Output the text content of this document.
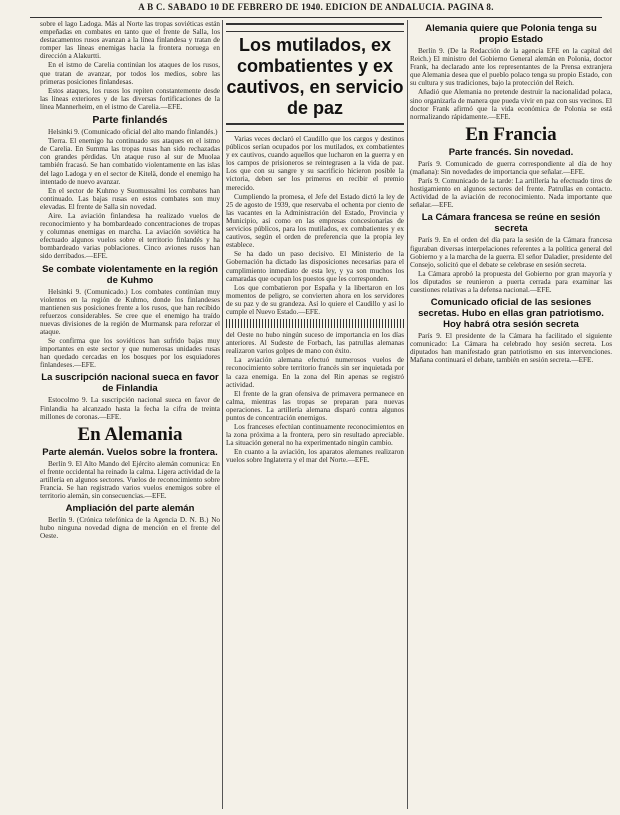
A B C. SABADO 10 DE FEBRERO DE 1940. EDICION DE ANDALUCIA. PAGINA 8.

sobre el lago Ladoga. Más al Norte las tropas soviéticas están empeñadas en combates en tanto que el frente de Salla, los destacamentos rusos avanzan a la línea finlandesa y tratan de romper las líneas enemigas hacia la frontera noruega en dirección a Alakurtti.

En el istmo de Carelia continúan los ataques de los rusos, que tratan de avanzar, por todos los medios, sobre las primeras posiciones finlandesas.

Estos ataques, los rusos los repiten constantemente desde las líneas exteriores y de las diversas fortificaciones de la línea Mannerheim, en el istmo de Carelia.—EFE.

Parte finlandés

Helsinki 9. (Comunicado oficial del alto mando finlandés.)

Tierra. El enemigo ha continuado sus ataques en el istmo de Carelia. En Summa las tropas rusas han sido rechazadas con grandes pérdidas. Un ataque ruso al sur de Muolaa también fracasó. Se han combatido violentamente en las islas del lago Ladoga y en el sector de Kitelä, donde el enemigo ha intentado de nuevo avanzar.

En el sector de Kuhmo y Suomussalmi los combates han continuado. Las bajas rusas en estos combates son muy elevadas. El frente de Salla sin novedad.

Aire. La aviación finlandesa ha realizado vuelos de reconocimiento y ha bombardeado concentraciones de tropas y columnas enemigas en marcha. La aviación soviética ha efectuado algunos vuelos sobre el territorio finlandés y ha bombardeado varias poblaciones. Cinco aviones rusos han sido derribados.—EFE.

Se combate violentamente en la región de Kuhmo

Helsinki 9. (Comunicado.) Los combates continúan muy violentos en la región de Kuhmo, donde los finlandeses mantienen sus posiciones frente a los rusos, que han recibido refuerzos considerables. Se cree que el enemigo ha traído nuevas divisiones de la región de Murmansk para reforzar el ataque.

Se confirma que los soviéticos han sufrido bajas muy importantes en este sector y que numerosas unidades rusas han quedado cercadas en los bosques por los esquiadores finlandeses.—EFE.

La suscripción nacional sueca en favor de Finlandia

Estocolmo 9. La suscripción nacional sueca en favor de Finlandia ha alcanzado hasta la fecha la cifra de treinta millones de coronas.—EFE.

En Alemania
Parte alemán. Vuelos sobre la frontera.

Berlín 9. El Alto Mando del Ejército alemán comunica: En el frente occidental ha reinado la calma. Ligera actividad de la artillería en algunos sectores. Vuelos de reconocimiento sobre Francia. Se han registrado varios vuelos enemigos sobre el territorio alemán, sin consecuencias.—EFE.

Ampliación del parte alemán

Berlín 9. (Crónica telefónica de la Agencia D. N. B.) No hubo ninguna novedad digna de mención en el frente del Oeste.

Los mutilados, ex combatientes y ex cautivos, en servicio de paz

Varias veces declaró el Caudillo que los cargos y destinos públicos serían ocupados por los mutilados, ex combatientes y ex cautivos, cuando aquellos que lucharon en la guerra y en los campos de prisioneros se reintegrasen a la vida de paz. Los que con su sangre y su sacrificio hicieron posible la victoria, deben ser los primeros en recibir el premio merecido.

Cumpliendo la promesa, el Jefe del Estado dictó la ley de 25 de agosto de 1939, que reservaba el ochenta por ciento de las vacantes en la Administración del Estado, Provincia y Municipio, así como en las empresas concesionarias de servicios públicos, para los mutilados, ex combatientes y ex cautivos, según el orden de preferencia que la propia ley establece.

Se ha dado un paso decisivo. El Ministerio de la Gobernación ha dictado las disposiciones necesarias para el cumplimiento inmediato de esta ley, y ya son muchos los camaradas que ocupan los puestos que les corresponden.

Los que combatieron por España y la libertaron en los momentos de peligro, se convierten ahora en los servidores de su paz y de su grandeza. Así lo quiere el Caudillo y así lo cumple el Nuevo Estado.—EFE.

del Oeste no hubo ningún suceso de importancia en los días anteriores. Al Sudeste de Forbach, las patrullas alemanas realizaron varios golpes de mano con éxito.

La aviación alemana efectuó numerosos vuelos de reconocimiento sobre territorio francés sin ser inquietada por la caza enemiga. En la zona del Rin apenas se registró actividad.

El frente de la gran ofensiva de primavera permanece en calma, mientras las tropas se preparan para nuevas operaciones. La artillería alemana disparó contra algunos puntos de concentración enemigos.

Los franceses efectúan continuamente reconocimientos en la zona próxima a la frontera, pero sin resultado apreciable. La situación general no ha experimentado ningún cambio.

En cuanto a la aviación, los aparatos alemanes realizaron vuelos sobre Inglaterra y el mar del Norte.—EFE.

Alemania quiere que Polonia tenga su propio Estado

Berlín 9. (De la Redacción de la agencia EFE en la capital del Reich.) El ministro del Gobierno General alemán en Polonia, doctor Frank, ha declarado ante los representantes de la Prensa extranjera que Alemania desea que el pueblo polaco tenga su propio Estado, con su cultura y sus tradiciones, bajo la protección del Reich.

Añadió que Alemania no pretende destruir la nacionalidad polaca, sino organizarla de manera que pueda vivir en paz con sus vecinos. El doctor Frank afirmó que la vida económica de Polonia se está normalizando rápidamente.—EFE.

En Francia
Parte francés. Sin novedad.

París 9. Comunicado de guerra correspondiente al día de hoy (mañana): Sin novedades de importancia que señalar.—EFE.

París 9. Comunicado de la tarde: La artillería ha efectuado tiros de hostigamiento en algunos sectores del frente. Patrullas en contacto. Actividad de la aviación de reconocimiento. Nada importante que señalar.—EFE.

La Cámara francesa se reúne en sesión secreta

París 9. En el orden del día para la sesión de la Cámara francesa figuraban diversas interpelaciones referentes a la política general del Gobierno y a la marcha de la guerra. El señor Daladier, presidente del Consejo, solicitó que el debate se celebrase en sesión secreta.

La Cámara aprobó la propuesta del Gobierno por gran mayoría y los diputados se reunieron a puerta cerrada para examinar las cuestiones relativas a la defensa nacional.—EFE.

Comunicado oficial de las sesiones secretas. Hubo en ellas gran patriotismo. Hoy habrá otra sesión secreta

París 9. El presidente de la Cámara ha facilitado el siguiente comunicado: La Cámara ha celebrado hoy sesión secreta. Los diputados han manifestado gran patriotismo en sus intervenciones. Mañana continuará el debate, también en sesión secreta.—EFE.
